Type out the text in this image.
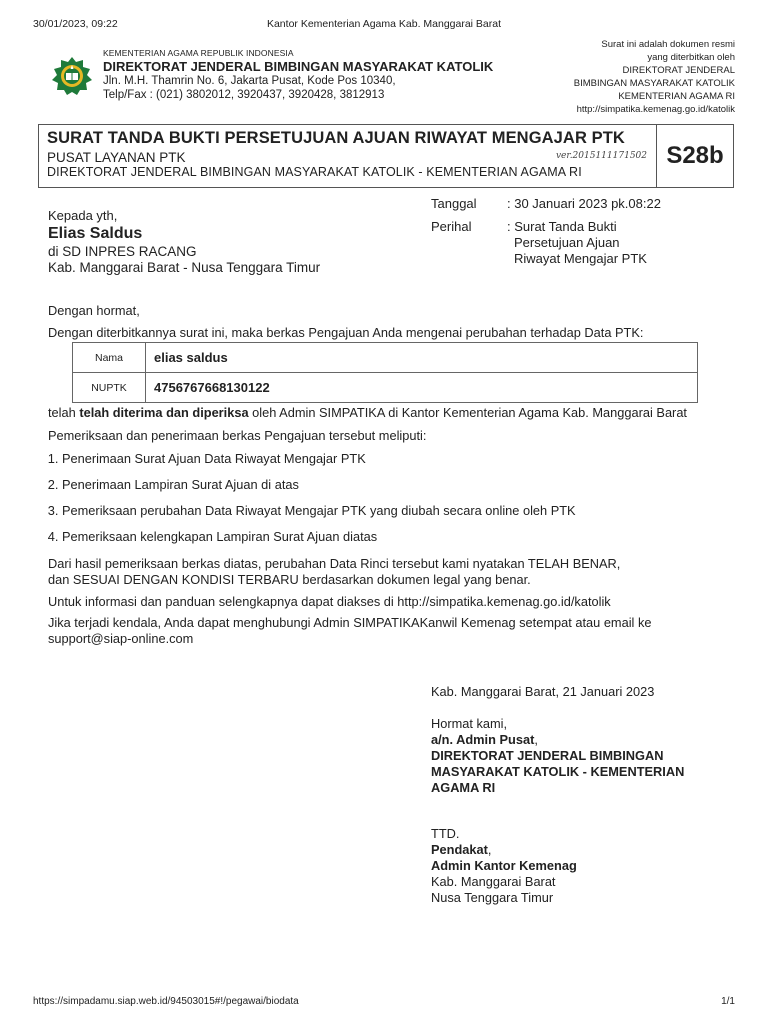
30/01/2023, 09:22	Kantor Kementerian Agama Kab. Manggarai Barat
KEMENTERIAN AGAMA REPUBLIK INDONESIA
DIREKTORAT JENDERAL BIMBINGAN MASYARAKAT KATOLIK
Jln. M.H. Thamrin No. 6, Jakarta Pusat, Kode Pos 10340,
Telp/Fax : (021) 3802012, 3920437, 3920428, 3812913
Surat ini adalah dokumen resmi
yang diterbitkan oleh
DIREKTORAT JENDERAL
BIMBINGAN MASYARAKAT KATOLIK
KEMENTERIAN AGAMA RI
http://simpatika.kemenag.go.id/katolik
SURAT TANDA BUKTI PERSETUJUAN AJUAN RIWAYAT MENGAJAR PTK
PUSAT LAYANAN PTK
DIREKTORAT JENDERAL BIMBINGAN MASYARAKAT KATOLIK - KEMENTERIAN AGAMA RI
ver.2015111171502 S28b
Kepada yth,
Elias Saldus
di SD INPRES RACANG
Kab. Manggarai Barat - Nusa Tenggara Timur
Tanggal	: 30 Januari 2023 pk.08:22
Perihal	: Surat Tanda Bukti
Persetujuan Ajuan
Riwayat Mengajar PTK
Dengan hormat,
Dengan diterbitkannya surat ini, maka berkas Pengajuan Anda mengenai perubahan terhadap Data PTK:
Nama	elias saldus
NUPTK	4756767668130122
telah telah diterima dan diperiksa oleh Admin SIMPATIKA di Kantor Kementerian Agama Kab. Manggarai Barat
Pemeriksaan dan penerimaan berkas Pengajuan tersebut meliputi:
1. Penerimaan Surat Ajuan Data Riwayat Mengajar PTK
2. Penerimaan Lampiran Surat Ajuan di atas
3. Pemeriksaan perubahan Data Riwayat Mengajar PTK yang diubah secara online oleh PTK
4. Pemeriksaan kelengkapan Lampiran Surat Ajuan diatas
Dari hasil pemeriksaan berkas diatas, perubahan Data Rinci tersebut kami nyatakan TELAH BENAR,
dan SESUAI DENGAN KONDISI TERBARU berdasarkan dokumen legal yang benar.
Untuk informasi dan panduan selengkapnya dapat diakses di http://simpatika.kemenag.go.id/katolik
Jika terjadi kendala, Anda dapat menghubungi Admin SIMPATIKAKanwil Kemenag setempat atau email ke
support@siap-online.com
Kab. Manggarai Barat, 21 Januari 2023
Hormat kami,
a/n. Admin Pusat,
DIREKTORAT JENDERAL BIMBINGAN
MASYARAKAT KATOLIK - KEMENTERIAN
AGAMA RI
TTD.
Pendakat,
Admin Kantor Kemenag
Kab. Manggarai Barat
Nusa Tenggara Timur
https://simpadamu.siap.web.id/94503015#!/pegawai/biodata	1/1
